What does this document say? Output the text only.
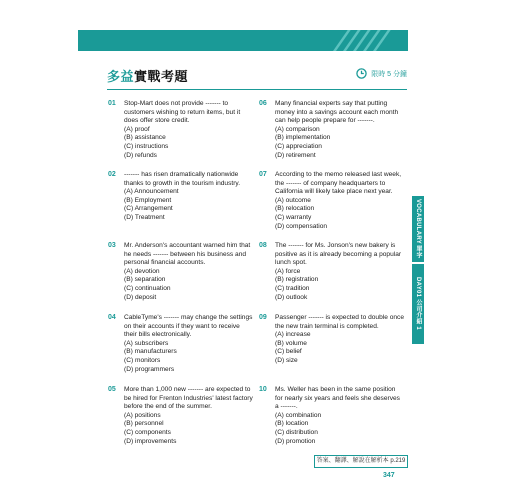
多益實戰考題	限時 5 分鐘
01 Stop-Mart does not provide ------- to customers wishing to return items, but it does offer store credit.
(A) proof
(B) assistance
(C) instructions
(D) refunds
02 ------- has risen dramatically nationwide thanks to growth in the tourism industry.
(A) Announcement
(B) Employment
(C) Arrangement
(D) Treatment
03 Mr. Anderson's accountant warned him that he needs ------- between his business and personal financial accounts.
(A) devotion
(B) separation
(C) continuation
(D) deposit
04 CableTyme's ------- may change the settings on their accounts if they want to receive their bills electronically.
(A) subscribers
(B) manufacturers
(C) monitors
(D) programmers
05 More than 1,000 new ------- are expected to be hired for Frenton Industries' latest factory before the end of the summer.
(A) positions
(B) personnel
(C) components
(D) improvements
06 Many financial experts say that putting money into a savings account each month can help people prepare for -------.
(A) comparison
(B) implementation
(C) appreciation
(D) retirement
07 According to the memo released last week, the ------- of company headquarters to California will likely take place next year.
(A) outcome
(B) relocation
(C) warranty
(D) compensation
08 The ------- for Ms. Jonson's new bakery is positive as it is already becoming a popular lunch spot.
(A) force
(B) registration
(C) tradition
(D) outlook
09 Passenger ------- is expected to double once the new train terminal is completed.
(A) increase
(B) volume
(C) belief
(D) size
10 Ms. Weller has been in the same position for nearly six years and feels she deserves a -------.
(A) combination
(B) location
(C) distribution
(D) promotion
VOCABULARY 單字
DAY01 公司介紹 1
答案、翻譯、解說在解析本 p.219
347
